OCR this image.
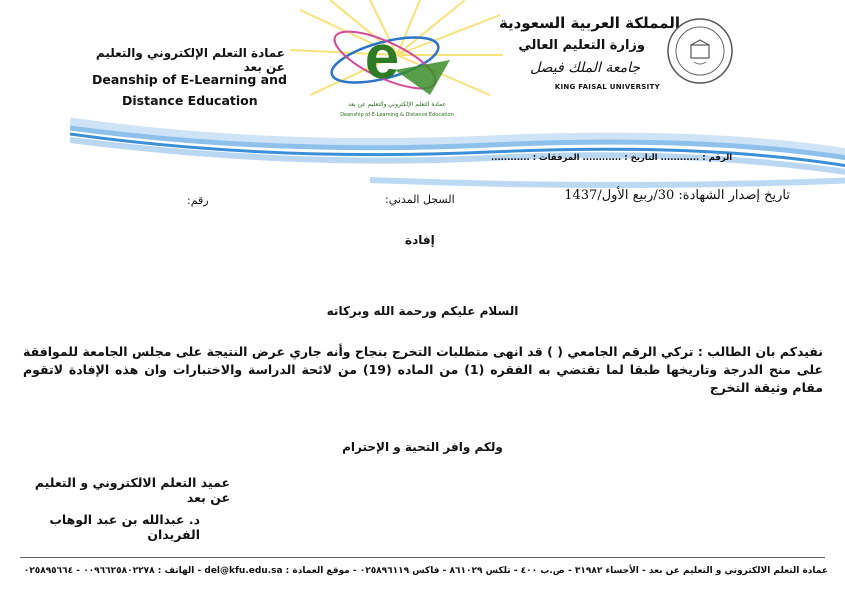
المملكة العربية السعودية
وزارة التعليم العالي
جامعة الملك فيصل
KING FAISAL UNIVERSITY
عمادة التعلم الإلكتروني والتعليم عن بعد
Deanship of E-Learning and
Distance Education
e
عمادة التعلم الإلكتروني والتعليم عن بعد
Deanship of E-Learning & Distance Education
الرقم : ............ التاريخ : ............ المرفقات : ............
تاريخ إصدار الشهادة: 30/ربيع الأول/1437
السجل المدني:
رقم:
إفادة
السلام عليكم ورحمة الله وبركاته
نفيدكم بان الطالب : تركي الرقم الجامعي ( ) قد انهى متطلبات التخرج بنجاح وأنه جاري عرض النتيجة على مجلس الجامعة للموافقة على منح الدرجة وتاريخها طبقا لما تقتضي به الفقره (1) من الماده (19) من لائحة الدراسة والاختبارات وان هذه الإفادة لاتقوم مقام وثيقة التخرج
ولكم وافر التحية و الإحترام
عميد التعلم الالكتروني و التعليم عن بعد
د. عبدالله بن عبد الوهاب الفريدان
عمادة التعلم الالكتروني و التعليم عن بعد - الأحساء ٣١٩٨٢ - ص.ب ٤٠٠ - تلكس ٨٦١٠٢٩ - فاكس ٠٢٥٨٩٦١١٩ - موقع العمادة : del@kfu.edu.sa - الهاتف : ٠٠٩٦٦٢٥٨٠٢٢٧٨ - ٠٢٥٨٩٥٦٦٤
